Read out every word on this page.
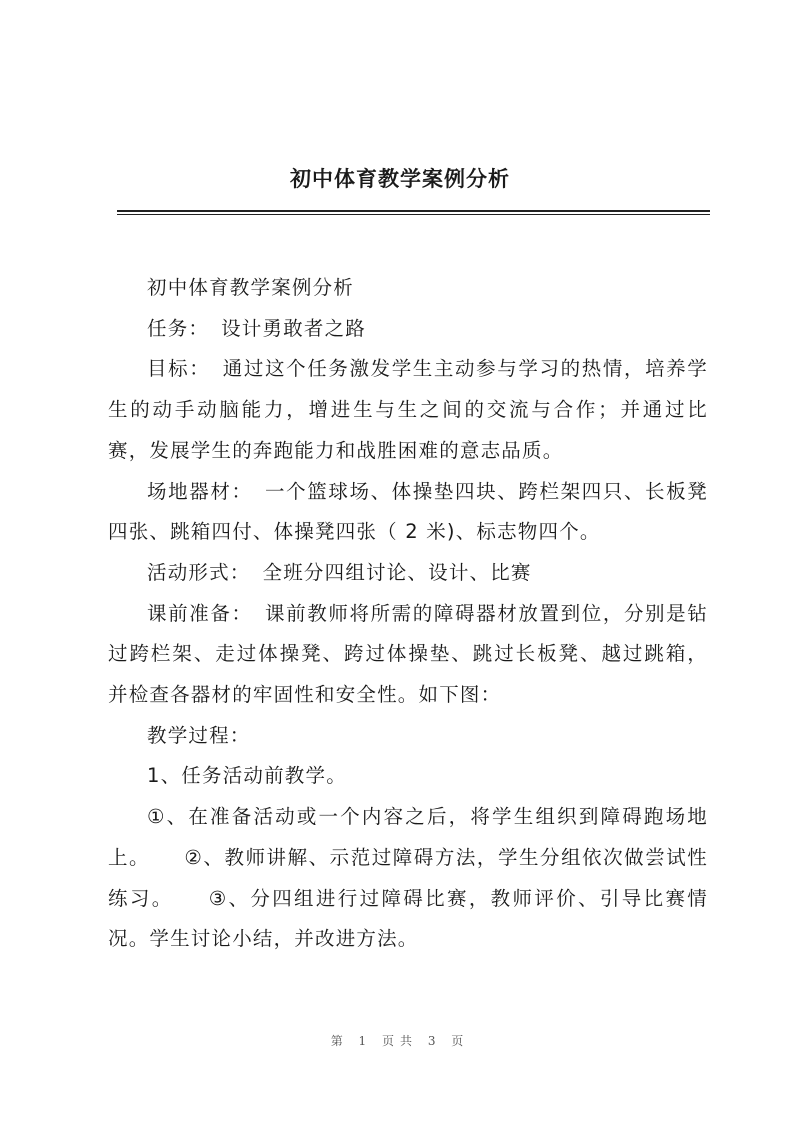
初中体育教学案例分析

初中体育教学案例分析

任务： 设计勇敢者之路

目标： 通过这个任务激发学生主动参与学习的热情，培养学生的动手动脑能力，增进生与生之间的交流与合作；并通过比赛，发展学生的奔跑能力和战胜困难的意志品质。

场地器材： 一个篮球场、体操垫四块、跨栏架四只、长板凳四张、跳箱四付、体操凳四张（ 2 米)、标志物四个。

活动形式： 全班分四组讨论、设计、比赛

课前准备： 课前教师将所需的障碍器材放置到位，分别是钻过跨栏架、走过体操凳、跨过体操垫、跳过长板凳、越过跳箱，并检查各器材的牢固性和安全性。如下图：

教学过程：

1、任务活动前教学。

①、在准备活动或一个内容之后，将学生组织到障碍跑场地上。 ②、教师讲解、示范过障碍方法，学生分组依次做尝试性练习。 ③、分四组进行过障碍比赛，教师评价、引导比赛情况。学生讨论小结，并改进方法。

第 1 页共 3 页
